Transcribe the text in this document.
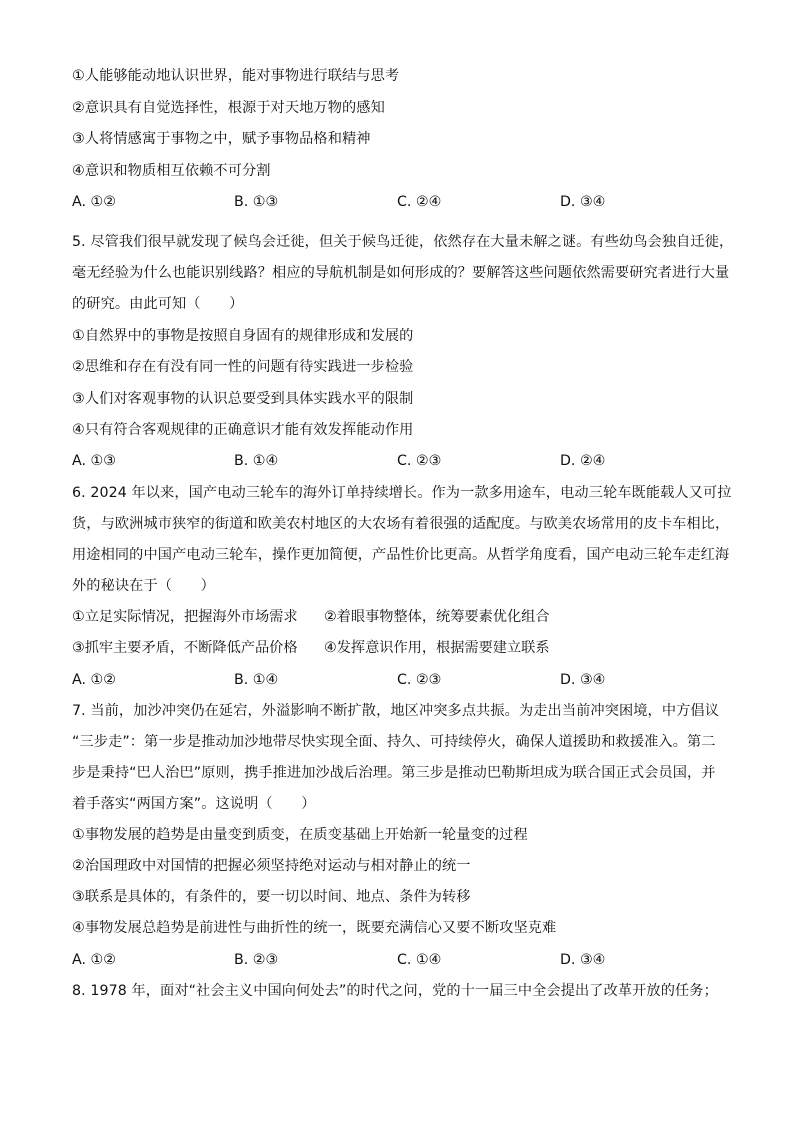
①人能够能动地认识世界，能对事物进行联结与思考
②意识具有自觉选择性，根源于对天地万物的感知
③人将情感寓于事物之中，赋予事物品格和精神
④意识和物质相互依赖不可分割
A. ①②	B. ①③	C. ②④	D. ③④
5. 尽管我们很早就发现了候鸟会迁徙，但关于候鸟迁徙，依然存在大量未解之谜。有些幼鸟会独自迁徙，
毫无经验为什么也能识别线路？相应的导航机制是如何形成的？要解答这些问题依然需要研究者进行大量
的研究。由此可知（　　）
①自然界中的事物是按照自身固有的规律形成和发展的
②思维和存在有没有同一性的问题有待实践进一步检验
③人们对客观事物的认识总要受到具体实践水平的限制
④只有符合客观规律的正确意识才能有效发挥能动作用
A. ①③	B. ①④	C. ②③	D. ②④
6. 2024 年以来，国产电动三轮车的海外订单持续增长。作为一款多用途车，电动三轮车既能载人又可拉
货，与欧洲城市狭窄的街道和欧美农村地区的大农场有着很强的适配度。与欧美农场常用的皮卡车相比，
用途相同的中国产电动三轮车，操作更加简便，产品性价比更高。从哲学角度看，国产电动三轮车走红海
外的秘诀在于（　　）
①立足实际情况，把握海外市场需求 ②着眼事物整体，统筹要素优化组合
③抓牢主要矛盾，不断降低产品价格 ④发挥意识作用，根据需要建立联系
A. ①②	B. ①④	C. ②③	D. ③④
7. 当前，加沙冲突仍在延宕，外溢影响不断扩散，地区冲突多点共振。为走出当前冲突困境，中方倡议
“三步走”：第一步是推动加沙地带尽快实现全面、持久、可持续停火，确保人道援助和救援准入。第二
步是秉持“巴人治巴”原则，携手推进加沙战后治理。第三步是推动巴勒斯坦成为联合国正式会员国，并
着手落实“两国方案”。这说明（　　）
①事物发展的趋势是由量变到质变，在质变基础上开始新一轮量变的过程
②治国理政中对国情的把握必须坚持绝对运动与相对静止的统一
③联系是具体的，有条件的，要一切以时间、地点、条件为转移
④事物发展总趋势是前进性与曲折性的统一，既要充满信心又要不断攻坚克难
A. ①②	B. ②③	C. ①④	D. ③④
8. 1978 年，面对“社会主义中国向何处去”的时代之问，党的十一届三中全会提出了改革开放的任务；
